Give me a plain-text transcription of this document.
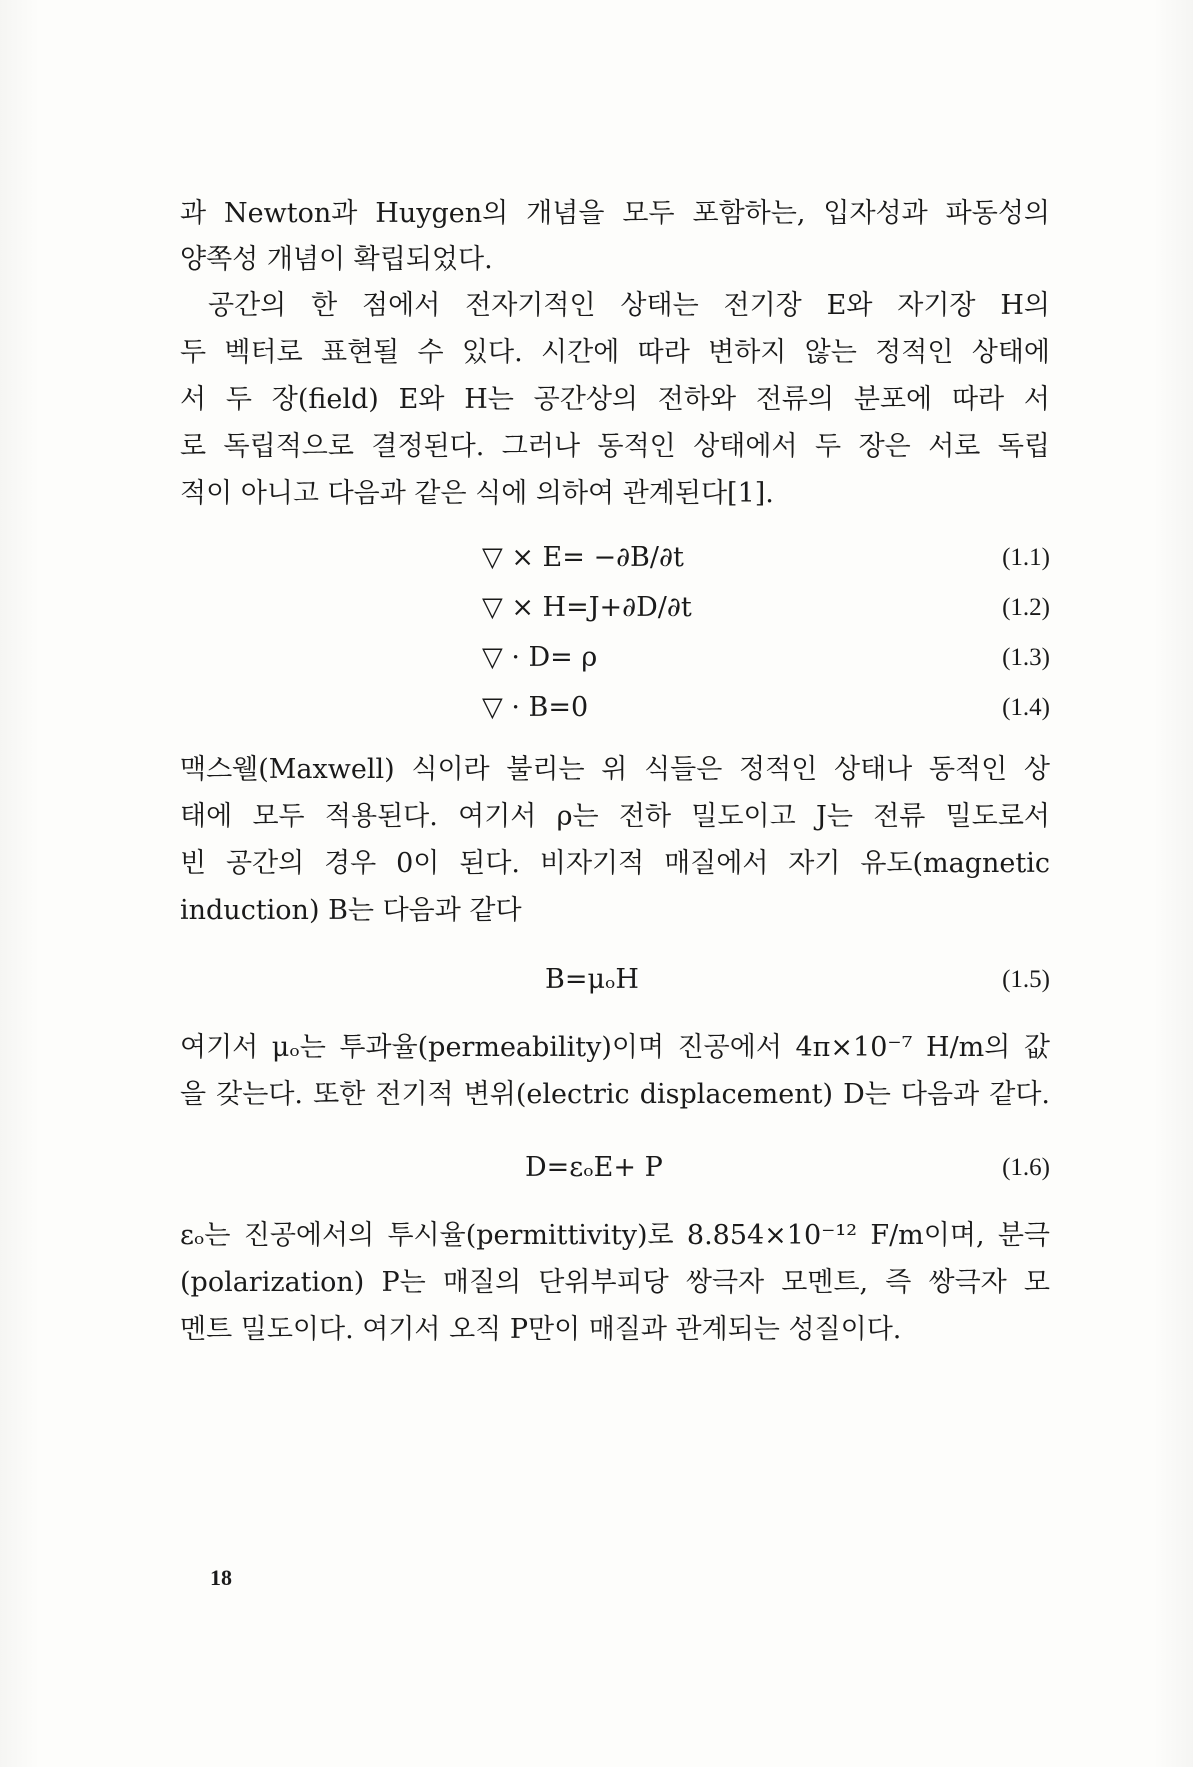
과 Newton과 Huygen의 개념을 모두 포함하는, 입자성과 파동성의
양쪽성 개념이 확립되었다.
공간의 한 점에서 전자기적인 상태는 전기장 E와 자기장 H의
두 벡터로 표현될 수 있다. 시간에 따라 변하지 않는 정적인 상태에
서 두 장(field) E와 H는 공간상의 전하와 전류의 분포에 따라 서
로 독립적으로 결정된다. 그러나 동적인 상태에서 두 장은 서로 독립
적이 아니고 다음과 같은 식에 의하여 관계된다[1].
▽ × E= −∂B/∂t	(1.1)
▽ × H=J+∂D/∂t	(1.2)
▽ · D= ρ	(1.3)
▽ · B=0	(1.4)
맥스웰(Maxwell) 식이라 불리는 위 식들은 정적인 상태나 동적인 상
태에 모두 적용된다. 여기서 ρ는 전하 밀도이고 J는 전류 밀도로서
빈 공간의 경우 0이 된다. 비자기적 매질에서 자기 유도(magnetic
induction) B는 다음과 같다
B=μₒH	(1.5)
여기서 μₒ는 투과율(permeability)이며 진공에서 4π×10⁻⁷ H/m의 값
을 갖는다. 또한 전기적 변위(electric displacement) D는 다음과 같다.
D=εₒE+ P	(1.6)
εₒ는 진공에서의 투시율(permittivity)로 8.854×10⁻¹² F/m이며, 분극
(polarization) P는 매질의 단위부피당 쌍극자 모멘트, 즉 쌍극자 모
멘트 밀도이다. 여기서 오직 P만이 매질과 관계되는 성질이다.
18
